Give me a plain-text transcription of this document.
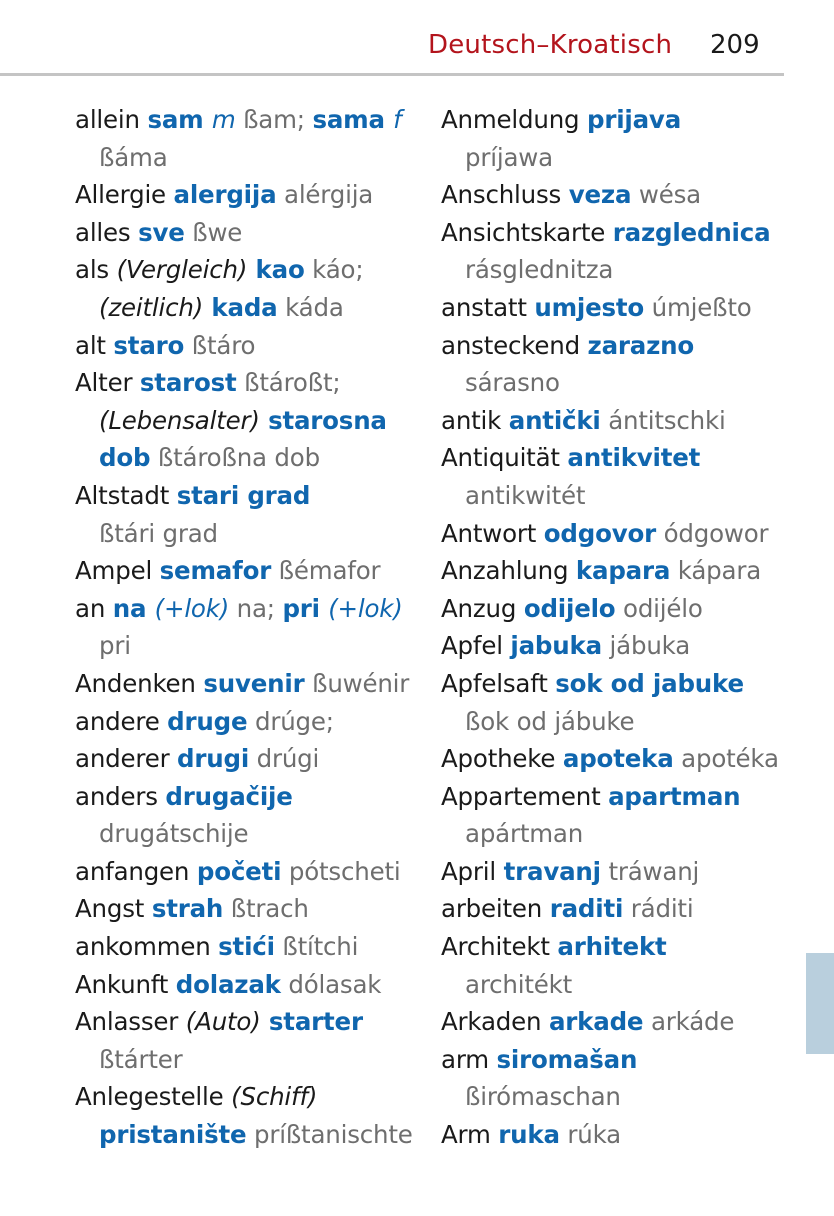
Deutsch–Kroatisch 209
allein sam m ßam; sama f
ßáma
Allergie alergija alérgija
alles sve ßwe
als (Vergleich) kao káo;
(zeitlich) kada káda
alt staro ßtáro
Alter starost ßtároßt;
(Lebensalter) starosna
dob ßtároßna dob
Altstadt stari grad
ßtári grad
Ampel semafor ßémafor
an na (+lok) na; pri (+lok)
pri
Andenken suvenir ßuwénir
andere druge drúge;
anderer drugi drúgi
anders drugačije
drugátschije
anfangen početi pótscheti
Angst strah ßtrach
ankommen stići ßtítchi
Ankunft dolazak dólasak
Anlasser (Auto) starter
ßtárter
Anlegestelle (Schiff)
pristanište príßtanischte
Anmeldung prijava
príjawa
Anschluss veza wésa
Ansichtskarte razglednica
rásglednitza
anstatt umjesto úmjeßto
ansteckend zarazno
sárasno
antik antički ántitschki
Antiquität antikvitet
antikwitét
Antwort odgovor ódgowor
Anzahlung kapara kápara
Anzug odijelo odijélo
Apfel jabuka jábuka
Apfelsaft sok od jabuke
ßok od jábuke
Apotheke apoteka apotéka
Appartement apartman
apártman
April travanj tráwanj
arbeiten raditi ráditi
Architekt arhitekt
architékt
Arkaden arkade arkáde
arm siromašan
ßirómaschan
Arm ruka rúka
